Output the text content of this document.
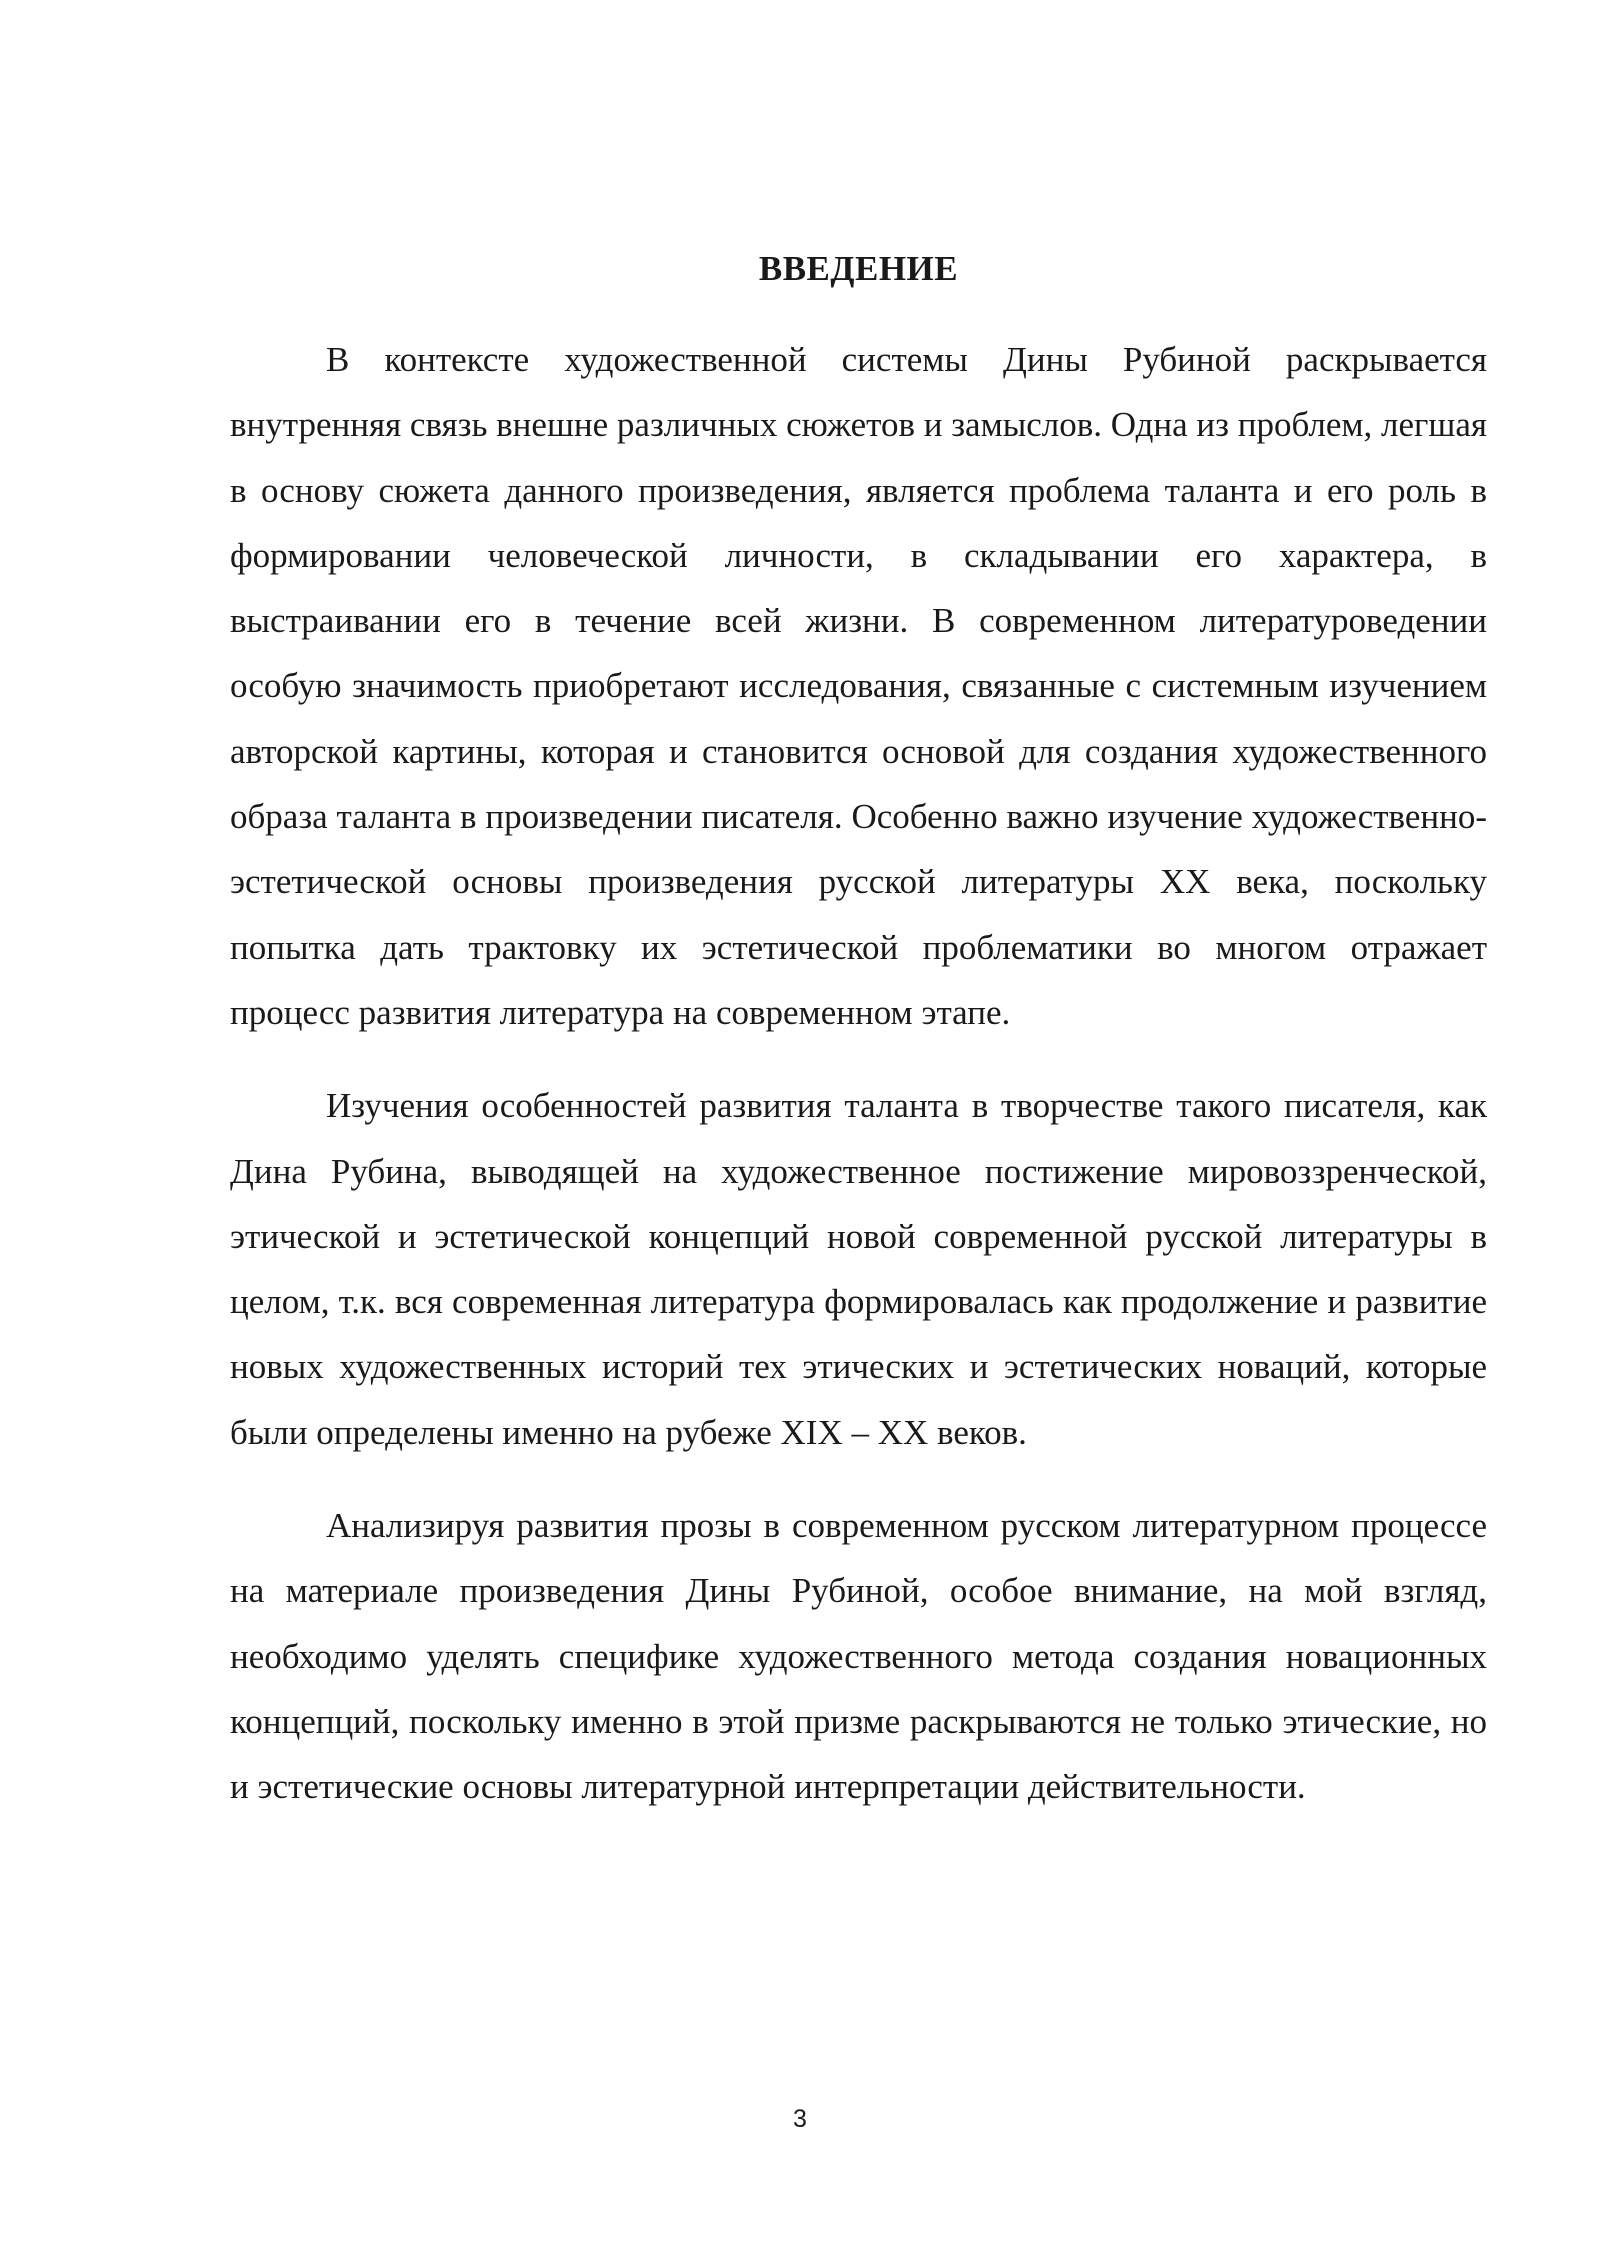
ВВЕДЕНИЕ

В контексте художественной системы Дины Рубиной раскрывается внутренняя связь внешне различных сюжетов и замыслов. Одна из проблем, легшая в основу сюжета данного произведения, является проблема таланта и его роль в формировании человеческой личности, в складывании его характера, в выстраивании его в течение всей жизни. В современном литературоведении особую значимость приобретают исследования, связанные с системным изучением авторской картины, которая и становится основой для создания художественного образа таланта в произведении писателя. Особенно важно изучение художественно-эстетической основы произведения русской литературы XX века, поскольку попытка дать трактовку их эстетической проблематики во многом отражает процесс развития литература на современном этапе.

Изучения особенностей развития таланта в творчестве такого писателя, как Дина Рубина, выводящей на художественное постижение мировоззренческой, этической и эстетической концепций новой современной русской литературы в целом, т.к. вся современная литература формировалась как продолжение и развитие новых художественных историй тех этических и эстетических новаций, которые были определены именно на рубеже XIX – XX веков.

Анализируя развития прозы в современном русском литературном процессе на материале произведения Дины Рубиной, особое внимание, на мой взгляд, необходимо уделять специфике художественного метода создания новационных концепций, поскольку именно в этой призме раскрываются не только этические, но и эстетические основы литературной интерпретации действительности.

3
